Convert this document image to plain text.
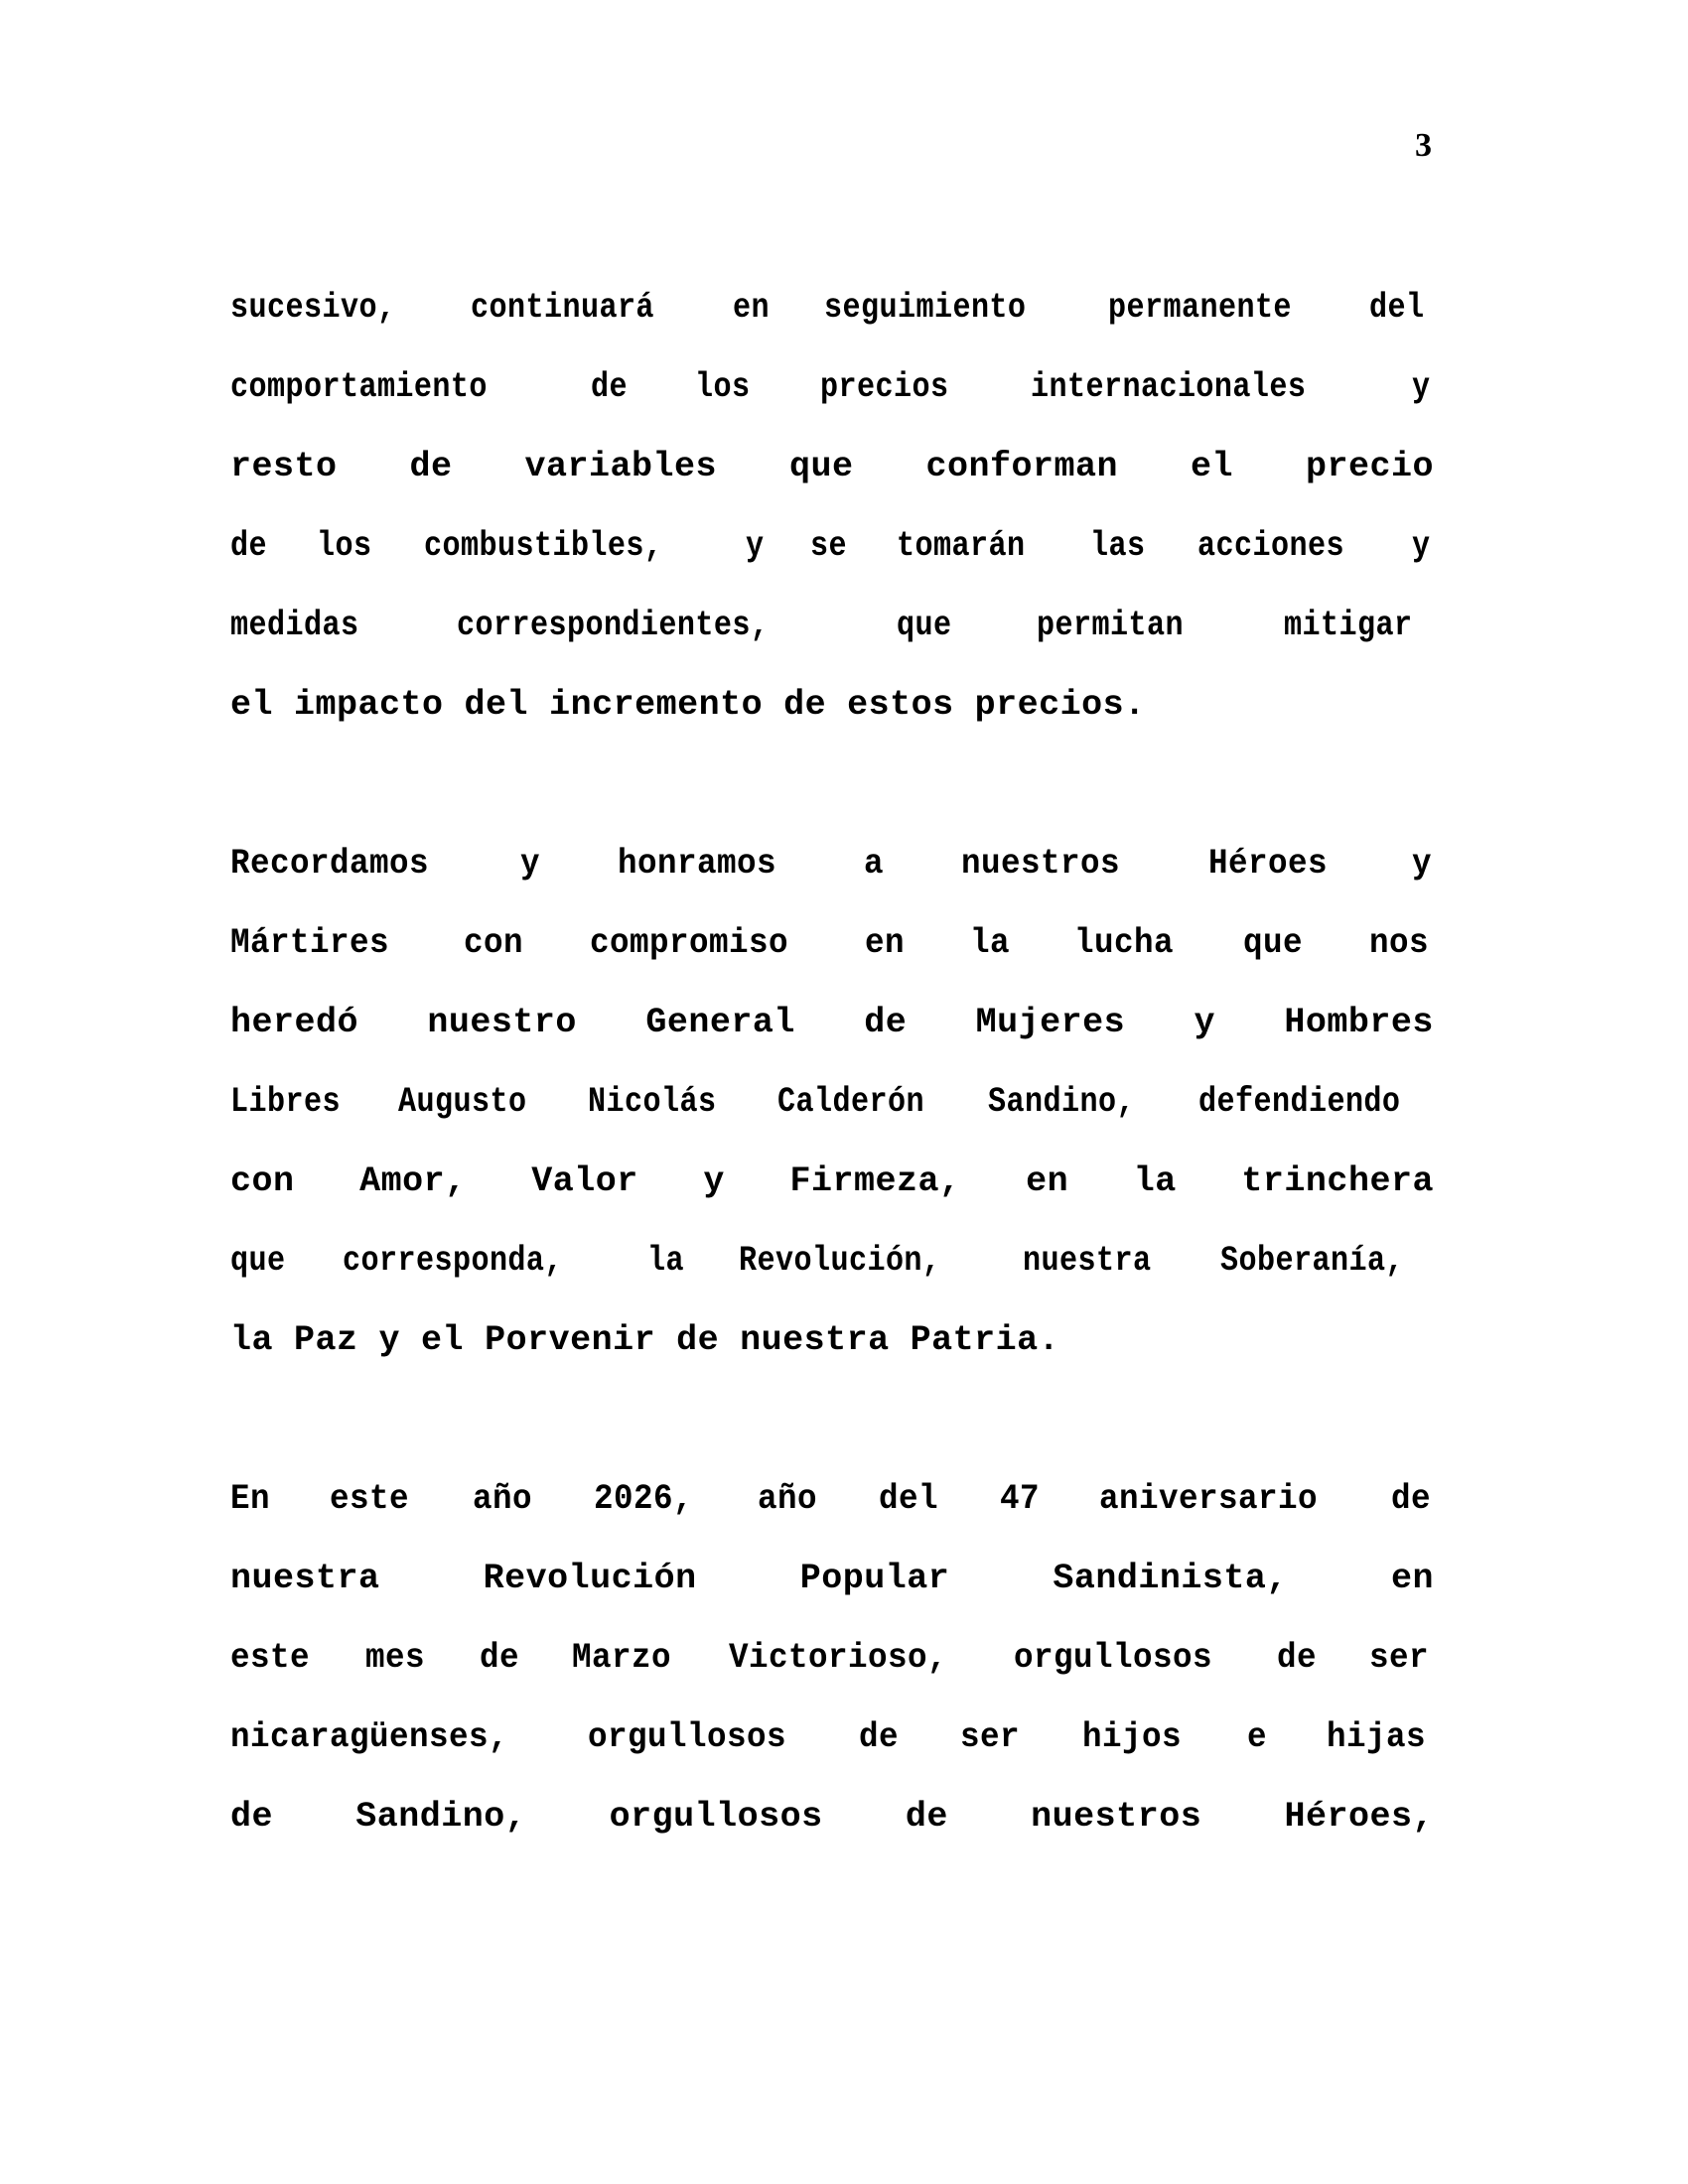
3
sucesivo, continuará en seguimiento permanente del
comportamiento	de los precios internacionales	y
resto de variables que conforman el precio
de los combustibles, y se tomarán las acciones y
medidas	correspondientes,	que permitan	mitigar
el impacto del incremento de estos precios.
Recordamos	y honramos	a nuestros	Héroes y
Mártires con compromiso en la lucha que nos
heredó nuestro General de Mujeres y Hombres
Libres Augusto Nicolás Calderón Sandino, defendiendo
con Amor, Valor y Firmeza, en la trinchera
que corresponda, la Revolución, nuestra Soberanía,
la Paz y el Porvenir de nuestra Patria.
En este año 2026, año del 47 aniversario de
nuestra	Revolución	Popular	Sandinista,	en
este mes de Marzo Victorioso, orgullosos de ser
nicaragüenses, orgullosos de ser hijos e hijas
de Sandino, orgullosos de nuestros Héroes,
